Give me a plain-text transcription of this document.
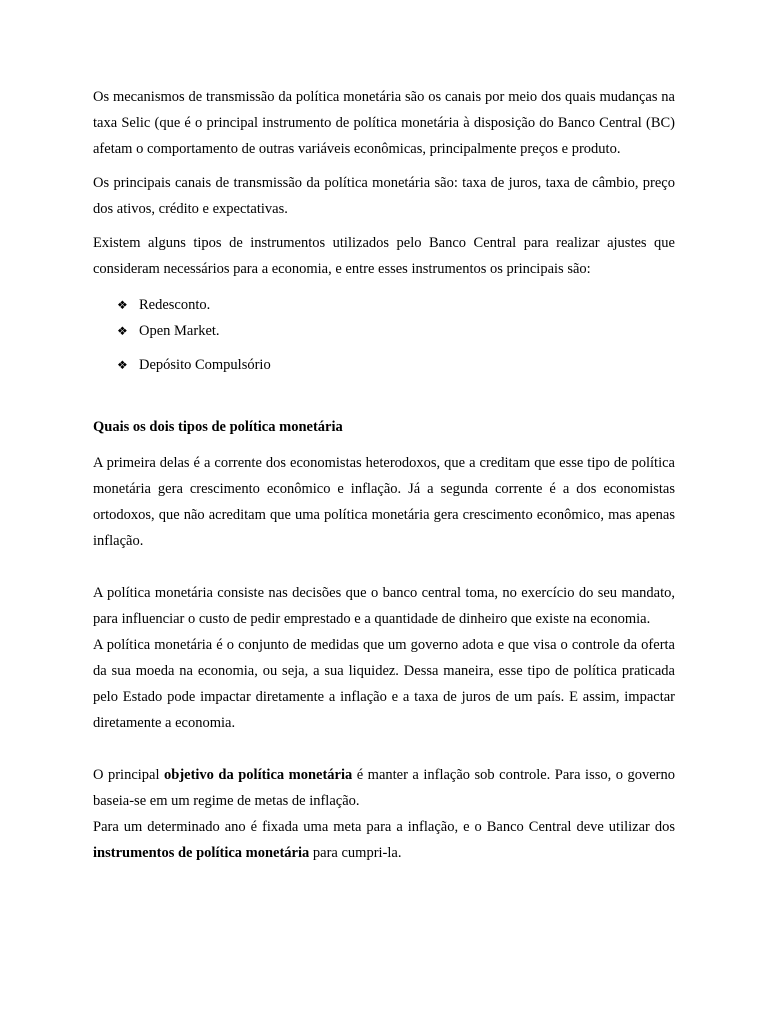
Os mecanismos de transmissão da política monetária são os canais por meio dos quais mudanças na taxa Selic (que é o principal instrumento de política monetária à disposição do Banco Central (BC) afetam o comportamento de outras variáveis econômicas, principalmente preços e produto.

Os principais canais de transmissão da política monetária são: taxa de juros, taxa de câmbio, preço dos ativos, crédito e expectativas.

Existem alguns tipos de instrumentos utilizados pelo Banco Central para realizar ajustes que consideram necessários para a economia, e entre esses instrumentos os principais são:

❖ Redesconto.
❖ Open Market.
❖ Depósito Compulsório

Quais os dois tipos de política monetária

A primeira delas é a corrente dos economistas heterodoxos, que a creditam que esse tipo de política monetária gera crescimento econômico e inflação. Já a segunda corrente é a dos economistas ortodoxos, que não acreditam que uma política monetária gera crescimento econômico, mas apenas inflação.

A política monetária consiste nas decisões que o banco central toma, no exercício do seu mandato, para influenciar o custo de pedir emprestado e a quantidade de dinheiro que existe na economia.

A política monetária é o conjunto de medidas que um governo adota e que visa o controle da oferta da sua moeda na economia, ou seja, a sua liquidez. Dessa maneira, esse tipo de política praticada pelo Estado pode impactar diretamente a inflação e a taxa de juros de um país. E assim, impactar diretamente a economia.

O principal objetivo da política monetária é manter a inflação sob controle. Para isso, o governo baseia-se em um regime de metas de inflação.

Para um determinado ano é fixada uma meta para a inflação, e o Banco Central deve utilizar dos instrumentos de política monetária para cumpri-la.
